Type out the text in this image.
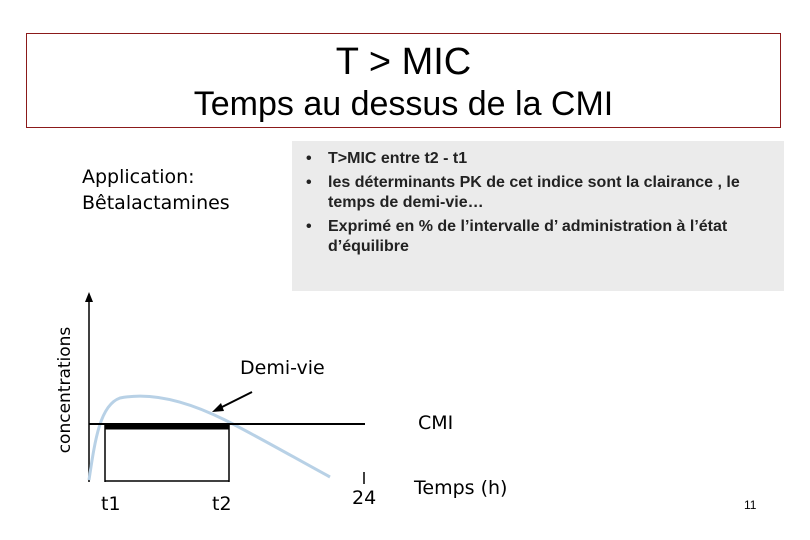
T > MIC
Temps au dessus de la CMI
Application:
Bêtalactamines
• T>MIC entre t2 - t1
• les déterminants PK de cet indice sont la clairance , le temps de demi-vie…
• Exprimé en % de l’intervalle d’ administration à l’état d’équilibre
concentrations	Demi-vie
CMI
t1	t2	24 Temps (h)
11
